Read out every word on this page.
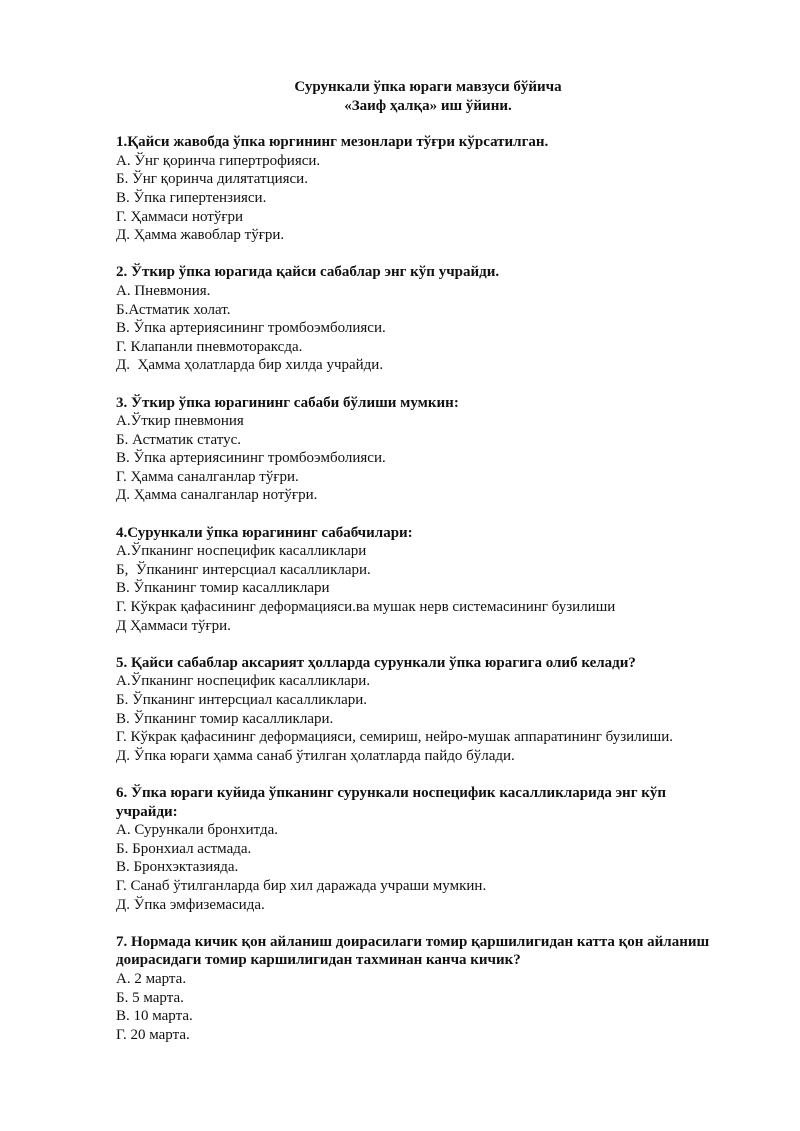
Сурункали ўпка юраги мавзуси бўйича

«Заиф ҳалқа» иш ўйини.

1.Қайси жавобда ўпка юргининг мезонлари тўғри кўрсатилган.

А. Ўнг қоринча гипертрофияси.

Б. Ўнг қоринча дилятатцияси.

В. Ўпка гипертензияси.

Г. Ҳаммаси нотўғри

Д. Ҳамма жавоблар тўғри.

2. Ўткир ўпка юрагида қайси сабаблар энг кўп учрайди.

А. Пневмония.

Б.Астматик холат.

В. Ўпка артериясининг тромбоэмболияси.

Г. Клапанли пневмотораксда.

Д.  Ҳамма ҳолатларда бир хилда учрайди.

3. Ўткир ўпка юрагининг сабаби бўлиши мумкин:

А.Ўткир пневмония

Б. Астматик статус.

В. Ўпка артериясининг тромбоэмболияси.

Г. Ҳамма саналганлар тўғри.

Д. Ҳамма саналганлар нотўғри.

4.Сурункали ўпка юрагининг сабабчилари:

А.Ўпканинг носпецифик касалликлари

Б,  Ўпканинг интерсциал касалликлари.

В. Ўпканинг томир касалликлари

Г. Кўкрак қафасининг деформацияси.ва мушак нерв системасининг бузилиши

Д Ҳаммаси тўғри.

5. Қайси сабаблар аксарият ҳолларда сурункали ўпка юрагига олиб келади?

А.Ўпканинг носпецифик касалликлари.

Б. Ўпканинг интерсциал касалликлари.

В. Ўпканинг томир касалликлари.

Г. Кўкрак қафасининг деформацияси, семириш, нейро-мушак аппаратининг бузилиши.

Д. Ўпка юраги ҳамма санаб ўтилган ҳолатларда пайдо бўлади.

6. Ўпка юраги куйида ўпканинг сурункали носпецифик касалликларида энг кўп учрайди:

А. Сурункали бронхитда.

Б. Бронхиал астмада.

В. Бронхэктазияда.

Г. Санаб ўтилганларда бир хил даражада учраши мумкин.

Д. Ўпка эмфиземасида.

7. Нормада кичик қон айланиш доирасилаги томир қаршилигидан катта қон айланиш доирасидаги томир каршилигидан тахминан канча кичик?

А. 2 марта.

Б. 5 марта.

В. 10 марта.

Г. 20 марта.
